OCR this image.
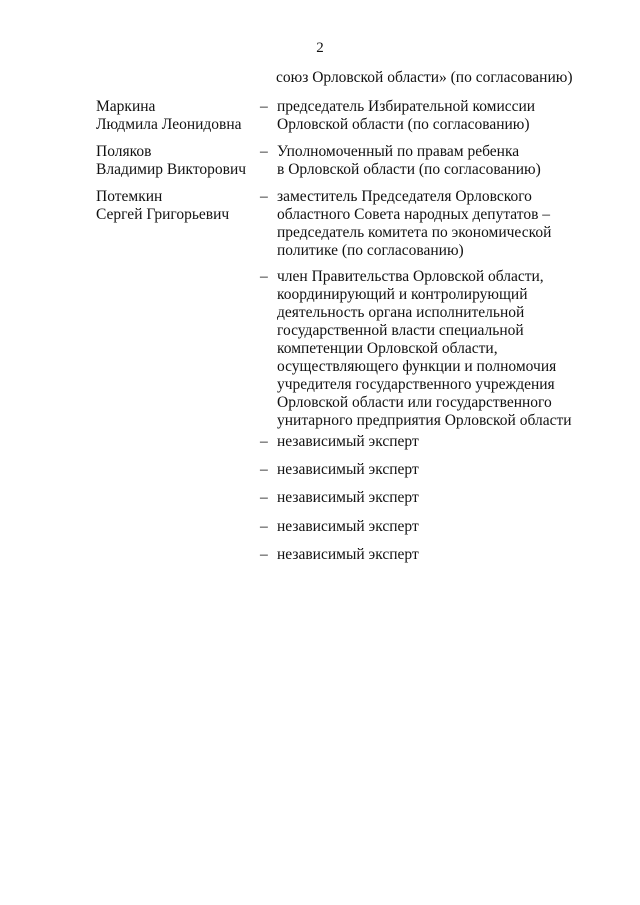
2
союз Орловской области» (по согласованию)
Маркина
Людмила Леонидовна
– председатель Избирательной комиссии
Орловской области (по согласованию)
Поляков
Владимир Викторович
– Уполномоченный по правам ребенка
в Орловской области (по согласованию)
Потемкин
Сергей Григорьевич
– заместитель Председателя Орловского
областного Совета народных депутатов –
председатель комитета по экономической
политике (по согласованию)
– член Правительства Орловской области,
координирующий и контролирующий
деятельность органа исполнительной
государственной власти специальной
компетенции Орловской области,
осуществляющего функции и полномочия
учредителя государственного учреждения
Орловской области или государственного
унитарного предприятия Орловской области
– независимый эксперт
– независимый эксперт
– независимый эксперт
– независимый эксперт
– независимый эксперт
